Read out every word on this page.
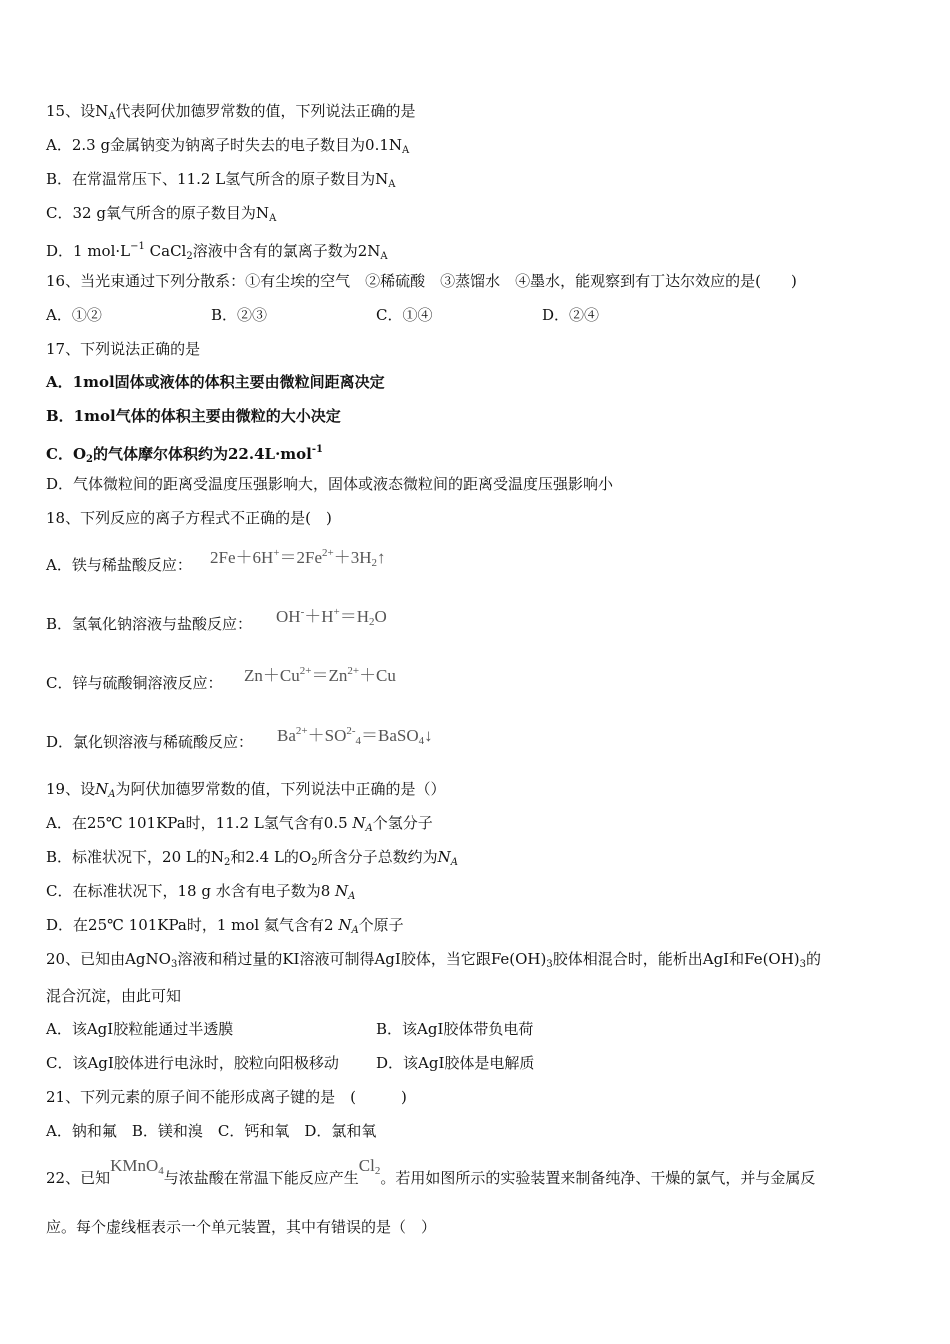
15、设$N_A$代表阿伏加德罗常数的值，下列说法正确的是
A．2.3 g金属钠变为钠离子时失去的电子数目为$0.1N_A$
B．在常温常压下、11.2 L氢气所含的原子数目为$N_A$
C．32 g氧气所含的原子数目为$N_A$
D．1 $mol\cdot L^{-1}$ CaCl$_2$溶液中含有的氯离子数为$2N_A$
16、当光束通过下列分散系：①有尘埃的空气　②稀硫酸　③蒸馏水　④墨水，能观察到有丁达尔效应的是(　　)
A．①②	B．②③	C．①④	D．②④
17、下列说法正确的是
A．1mol固体或液体的体积主要由微粒间距离决定
B．1mol气体的体积主要由微粒的大小决定
C．$O_2$的气体摩尔体积约为22.4L·mol$^{-1}$
D．气体微粒间的距离受温度压强影响大，固体或液态微粒间的距离受温度压强影响小
18、下列反应的离子方程式不正确的是(　)
A．铁与稀盐酸反应： $2Fe+6H^+=2Fe^{2+}+3H_2↑$
B．氢氧化钠溶液与盐酸反应： $OH^-+H^+=H_2O$
C．锌与硫酸铜溶液反应： $Zn+Cu^{2+}=Zn^{2+}+Cu$
D．氯化钡溶液与稀硫酸反应： $Ba^{2+}+SO^{2-}_4=BaSO_4↓$
19、设$N_A$为阿伏加德罗常数的值，下列说法中正确的是（）
A．在25℃ 101KPa时，11.2 L氢气含有0.5 $N_A$个氢分子
B．标准状况下，20 L的$N_2$和2.4 L的$O_2$所含分子总数约为$N_A$
C．在标准状况下，18 g 水含有电子数为8 $N_A$
D．在25℃ 101KPa时，1 mol 氦气含有2 $N_A$个原子
20、已知由AgNO$_3$溶液和稍过量的KI溶液可制得AgI胶体，当它跟$Fe(OH)_3$胶体相混合时，能析出AgI和$Fe(OH)_3$的
混合沉淀，由此可知
A．该AgI胶粒能通过半透膜	B．该AgI胶体带负电荷
C．该AgI胶体进行电泳时，胶粒向阳极移动 D．该AgI胶体是电解质
21、下列元素的原子间不能形成离子键的是　(　　　)
A．钠和氟　B．镁和溴　C．钙和氧　D．氯和氧
22、已知KMnO$_4$与浓盐酸在常温下能反应产生$Cl_2$。若用如图所示的实验装置来制备纯净、干燥的氯气，并与金属反
应。每个虚线框表示一个单元装置，其中有错误的是（　）
